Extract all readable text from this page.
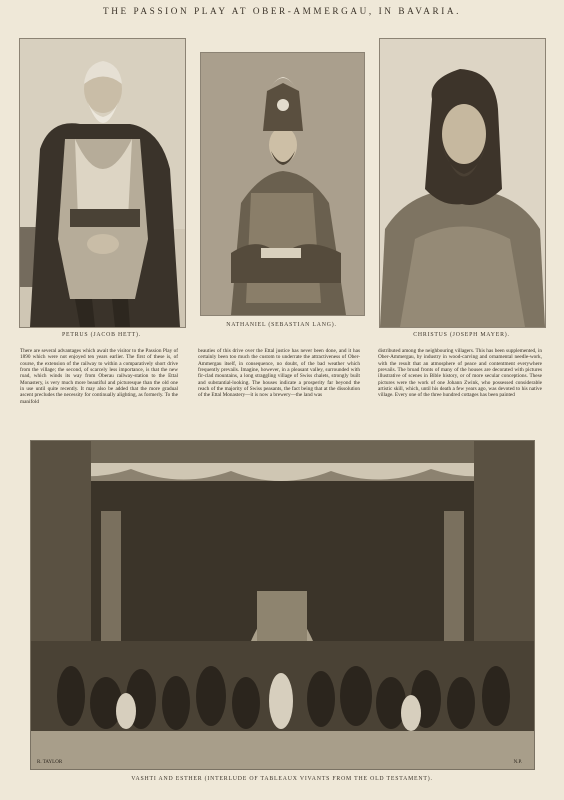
THE PASSION PLAY AT OBER-AMMERGAU, IN BAVARIA.
PETRUS (JACOB HETT).
NATHANIEL (SEBASTIAN LANG).
CHRISTUS (JOSEPH MAYER).
There are several advantages which await the visitor to the Passion Play of 1890 which were not enjoyed ten years earlier. The first of these is, of course, the extension of the railway to within a comparatively short drive from the village; the second, of scarcely less importance, is that the new road, which winds its way from Oberau railway-station to the Ettal Monastery, is very much more beautiful and picturesque than the old one in use until quite recently. It may also be added that the more gradual ascent precludes the necessity for continually alighting, as formerly. To the manifold
beauties of this drive over the Ettal justice has never been done, and it has certainly been too much the custom to underrate the attractiveness of Ober-Ammergau itself, in consequence, no doubt, of the bad weather which frequently prevails. Imagine, however, in a pleasant valley, surrounded with fir-clad mountains, a long straggling village of Swiss chalets, strongly built and substantial-looking. The houses indicate a prosperity far beyond the reach of the majority of Swiss peasants, the fact being that at the dissolution of the Ettal Monastery—it is now a brewery—the land was
distributed among the neighbouring villagers. This has been supplemented, in Ober-Ammergau, by industry in wood-carving and ornamental needle-work, with the result that an atmosphere of peace and contentment everywhere prevails. The broad fronts of many of the houses are decorated with pictures illustrative of scenes in Bible history, or of more secular conceptions. These pictures were the work of one Johann Zwink, who possessed considerable artistic skill, which, until his death a few years ago, was devoted to his native village. Every one of the three hundred cottages has been painted
R. TAYLOR	N.P.
VASHTI AND ESTHER (INTERLUDE OF TABLEAUX VIVANTS FROM THE OLD TESTAMENT).
